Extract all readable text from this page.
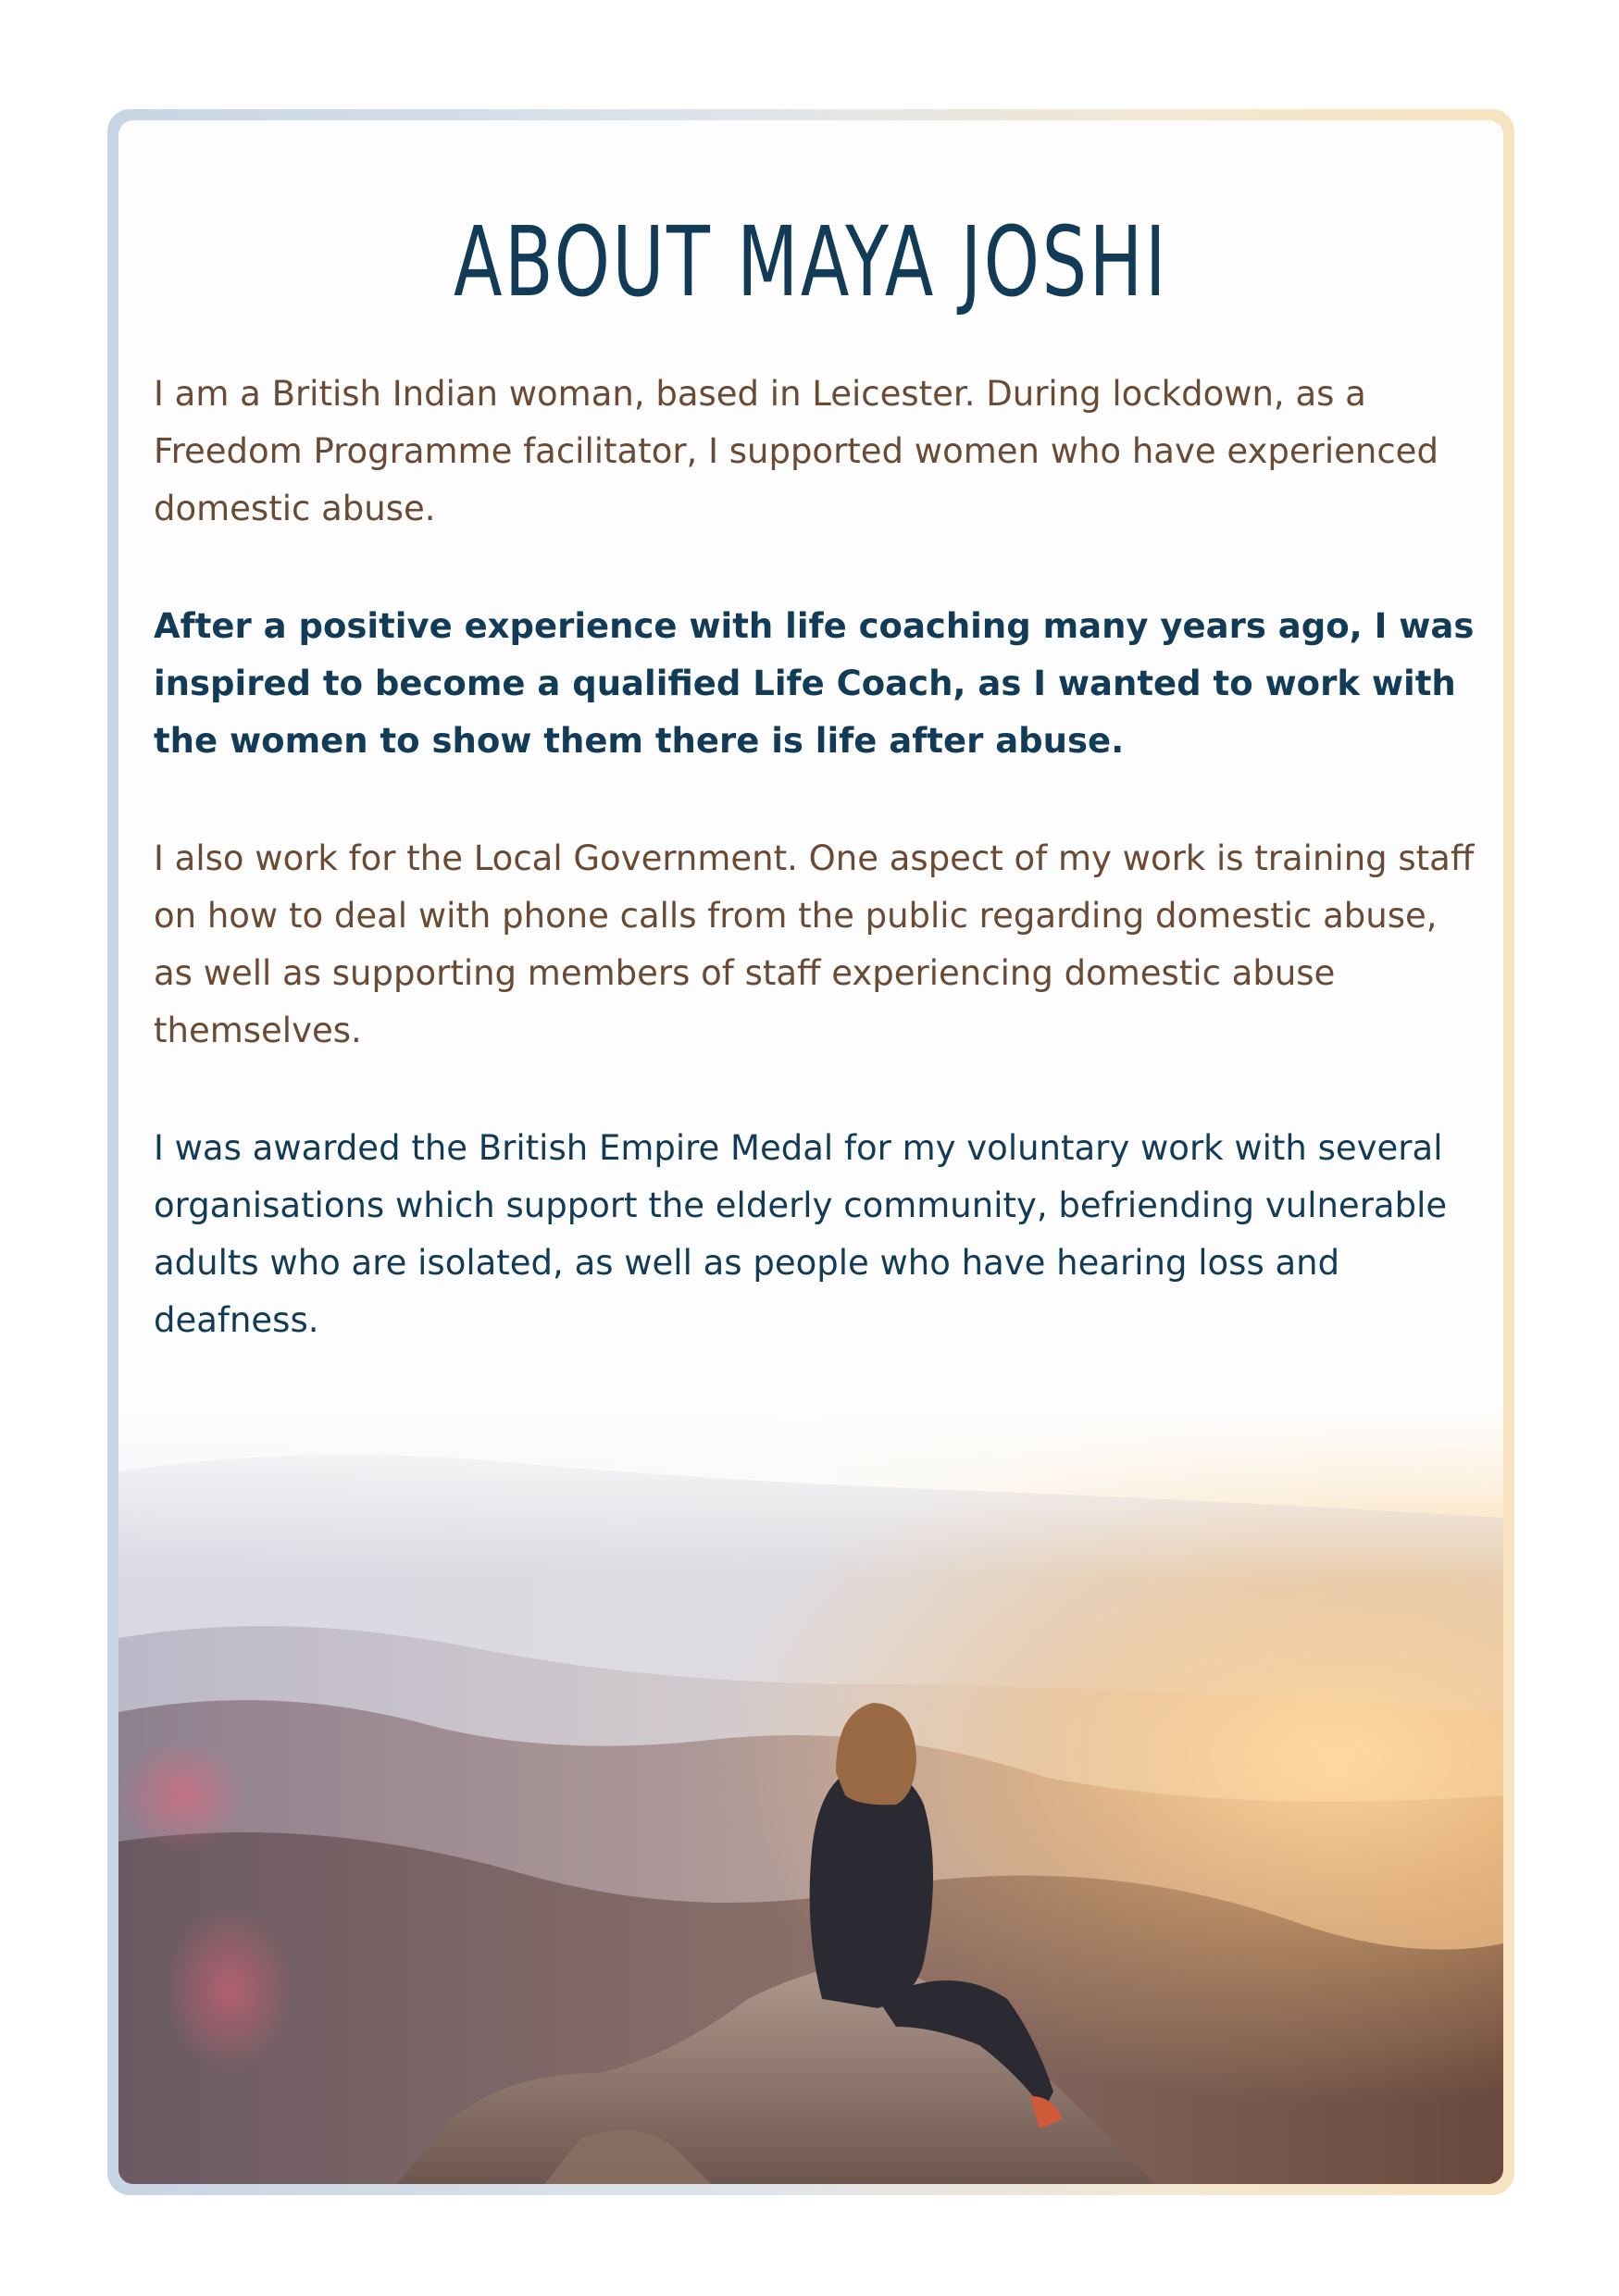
ABOUT MAYA JOSHI

I am a British Indian woman, based in Leicester. During lockdown, as a Freedom Programme facilitator, I supported women who have experienced domestic abuse.

After a positive experience with life coaching many years ago, I was inspired to become a qualified Life Coach, as I wanted to work with the women to show them there is life after abuse.

I also work for the Local Government. One aspect of my work is training staff on how to deal with phone calls from the public regarding domestic abuse, as well as supporting members of staff experiencing domestic abuse themselves.

I was awarded the British Empire Medal for my voluntary work with several organisations which support the elderly community, befriending vulnerable adults who are isolated, as well as people who have hearing loss and deafness.
